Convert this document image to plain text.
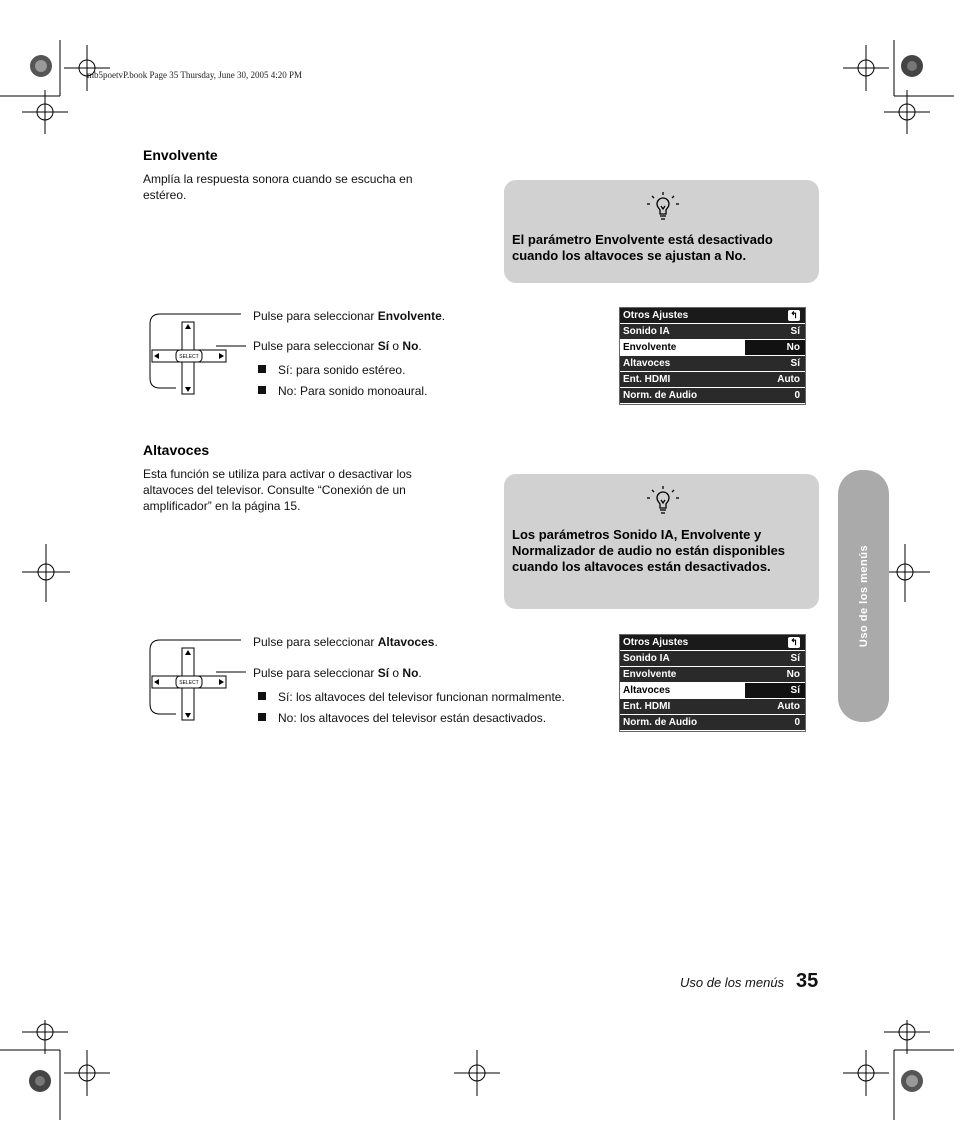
mb5poetvP.book Page 35 Thursday, June 30, 2005 4:20 PM
Envolvente
Amplía la respuesta sonora cuando se escucha en estéreo.
El parámetro Envolvente está desactivado cuando los altavoces se ajustan a No.
SELECT
Pulse para seleccionar Envolvente.
Pulse para seleccionar Sí o No.
Sí: para sonido estéreo.
No: Para sonido monoaural.
Otros Ajustes	↰
Sonido IA	Sí
Envolvente	No
Altavoces	Sí
Ent. HDMI	Auto
Norm. de Audio	0
Altavoces
Esta función se utiliza para activar o desactivar los altavoces del televisor. Consulte “Conexión de un amplificador” en la página 15.
Los parámetros Sonido IA, Envolvente y Normalizador de audio no están disponibles cuando los altavoces están desactivados.
SELECT
Pulse para seleccionar Altavoces.
Pulse para seleccionar Sí o No.
Sí: los altavoces del televisor funcionan normalmente.
No: los altavoces del televisor están desactivados.
Otros Ajustes	↰
Sonido IA	Sí
Envolvente	No
Altavoces	Sí
Ent. HDMI	Auto
Norm. de Audio	0
Uso de los menús
Uso de los menús 35
